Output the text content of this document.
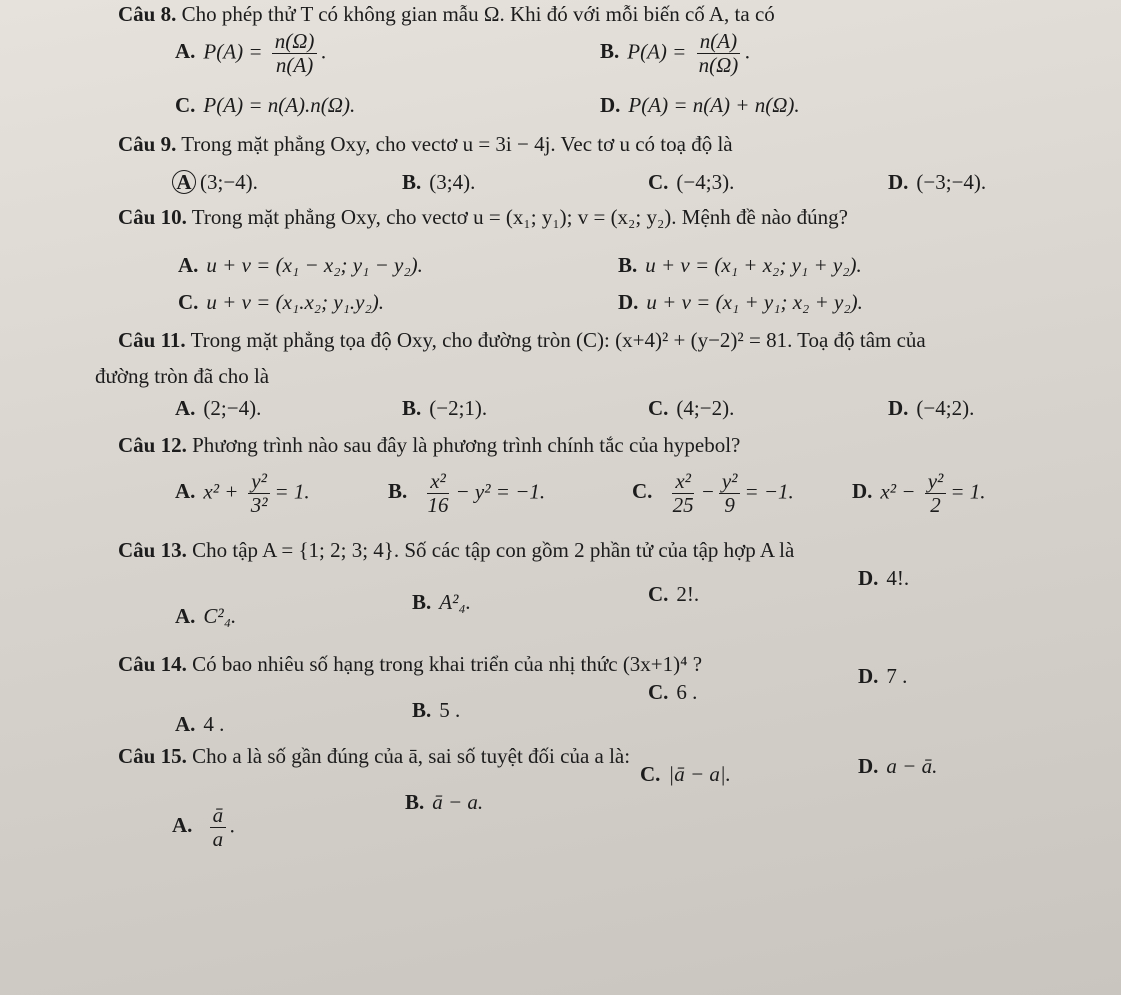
Câu 8. Cho phép thử T có không gian mẫu Ω. Khi đó với mỗi biến cố A, ta có
A. $P(A) = \frac{n(\Omega)}{n(A)}$ .	B. $P(A) = \frac{n(A)}{n(\Omega)}$ .
C. P(A) = n(A).n(Ω).	D. P(A) = n(A) + n(Ω).
Câu 9. Trong mặt phẳng Oxy, cho vectơ u = 3i − 4j. Vec tơ u có toạ độ là
A (3;−4).	B. (3;4).	C. (−4;3).	D. (−3;−4).
Câu 10. Trong mặt phẳng Oxy, cho vectơ u = (x₁; y₁); v = (x₂; y₂). Mệnh đề nào đúng?
A. u + v = (x₁ − x₂; y₁ − y₂).	B. u + v = (x₁ + x₂; y₁ + y₂).
C. u + v = (x₁.x₂; y₁.y₂).	D. u + v = (x₁ + y₁; x₂ + y₂).
Câu 11. Trong mặt phẳng tọa độ Oxy, cho đường tròn (C): (x+4)² + (y−2)² = 81. Toạ độ tâm của
đường tròn đã cho là
A. (2;−4).	B. (−2;1).	C. (4;−2).	D. (−4;2).
Câu 12. Phương trình nào sau đây là phương trình chính tắc của hypebol?
A. $x^2 + \frac{\text{y²}}{\text{3²}} = 1$.	B. $\frac{\text{x²}}{16} - y^2 = -1$.	C. $\frac{\text{x²}}{25} - \frac{\text{y²}}{9} = -1$.	D. $x^2 - \frac{\text{y²}}{2} = 1$.
Câu 13. Cho tập A = {1; 2; 3; 4}. Số các tập con gồm 2 phần tử của tập hợp A là
A. C²₄.
B. A²₄.	C. 2!.
D. 4!.
Câu 14. Có bao nhiêu số hạng trong khai triển của nhị thức (3x+1)⁴ ?
A. 4 .
B. 5 .
C. 6 .
D. 7 .
Câu 15. Cho a là số gần đúng của ā, sai số tuyệt đối của a là:
A. $\frac{ā}{a}$ .
B. ā − a.
C. |ā − a|.	D. a − ā.
